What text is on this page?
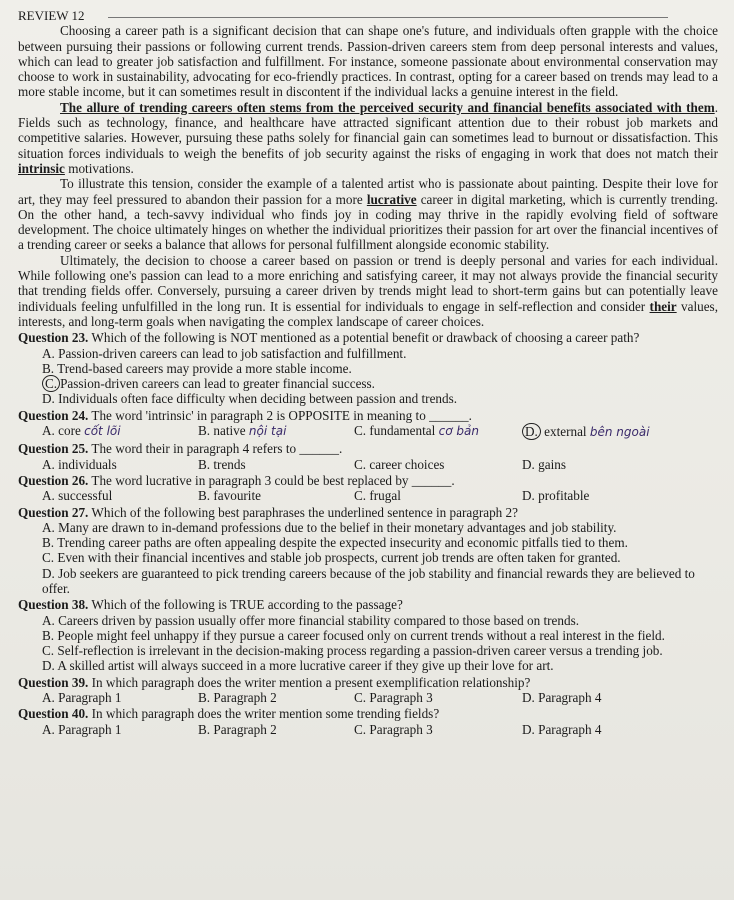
REVIEW 12

Choosing a career path is a significant decision that can shape one's future, and individuals often grapple with the choice between pursuing their passions or following current trends. Passion-driven careers stem from deep personal interests and values, which can lead to greater job satisfaction and fulfillment. For instance, someone passionate about environmental conservation may choose to work in sustainability, advocating for eco-friendly practices. In contrast, opting for a career based on trends may lead to a more stable income, but it can sometimes result in discontent if the individual lacks a genuine interest in the field.

The allure of trending careers often stems from the perceived security and financial benefits associated with them. Fields such as technology, finance, and healthcare have attracted significant attention due to their robust job markets and competitive salaries. However, pursuing these paths solely for financial gain can sometimes lead to burnout or dissatisfaction. This situation forces individuals to weigh the benefits of job security against the risks of engaging in work that does not match their intrinsic motivations.

To illustrate this tension, consider the example of a talented artist who is passionate about painting. Despite their love for art, they may feel pressured to abandon their passion for a more lucrative career in digital marketing, which is currently trending. On the other hand, a tech-savvy individual who finds joy in coding may thrive in the rapidly evolving field of software development. The choice ultimately hinges on whether the individual prioritizes their passion for art over the financial incentives of a trending career or seeks a balance that allows for personal fulfillment alongside economic stability.

Ultimately, the decision to choose a career based on passion or trend is deeply personal and varies for each individual. While following one's passion can lead to a more enriching and satisfying career, it may not always provide the financial security that trending fields offer. Conversely, pursuing a career driven by trends might lead to short-term gains but can potentially leave individuals feeling unfulfilled in the long run. It is essential for individuals to engage in self-reflection and consider their values, interests, and long-term goals when navigating the complex landscape of career choices.

Question 23. Which of the following is NOT mentioned as a potential benefit or drawback of choosing a career path?
A. Passion-driven careers can lead to job satisfaction and fulfillment.
B. Trend-based careers may provide a more stable income.
C. Passion-driven careers can lead to greater financial success.
D. Individuals often face difficulty when deciding between passion and trends.
Question 24. The word 'intrinsic' in paragraph 2 is OPPOSITE in meaning to ______.
A. core cốt lõi	B. native nội tại	C. fundamental cơ bản	D. external bên ngoài
Question 25. The word their in paragraph 4 refers to ______.
A. individuals	B. trends	C. career choices	D. gains
Question 26. The word lucrative in paragraph 3 could be best replaced by ______.
A. successful	B. favourite	C. frugal	D. profitable
Question 27. Which of the following best paraphrases the underlined sentence in paragraph 2?
A. Many are drawn to in-demand professions due to the belief in their monetary advantages and job stability.
B. Trending career paths are often appealing despite the expected insecurity and economic pitfalls tied to them.
C. Even with their financial incentives and stable job prospects, current job trends are often taken for granted.
D. Job seekers are guaranteed to pick trending careers because of the job stability and financial rewards they are believed to offer.
Question 38. Which of the following is TRUE according to the passage?
A. Careers driven by passion usually offer more financial stability compared to those based on trends.
B. People might feel unhappy if they pursue a career focused only on current trends without a real interest in the field.
C. Self-reflection is irrelevant in the decision-making process regarding a passion-driven career versus a trending job.
D. A skilled artist will always succeed in a more lucrative career if they give up their love for art.
Question 39. In which paragraph does the writer mention a present exemplification relationship?
A. Paragraph 1	B. Paragraph 2	C. Paragraph 3	D. Paragraph 4
Question 40. In which paragraph does the writer mention some trending fields?
A. Paragraph 1	B. Paragraph 2	C. Paragraph 3	D. Paragraph 4
